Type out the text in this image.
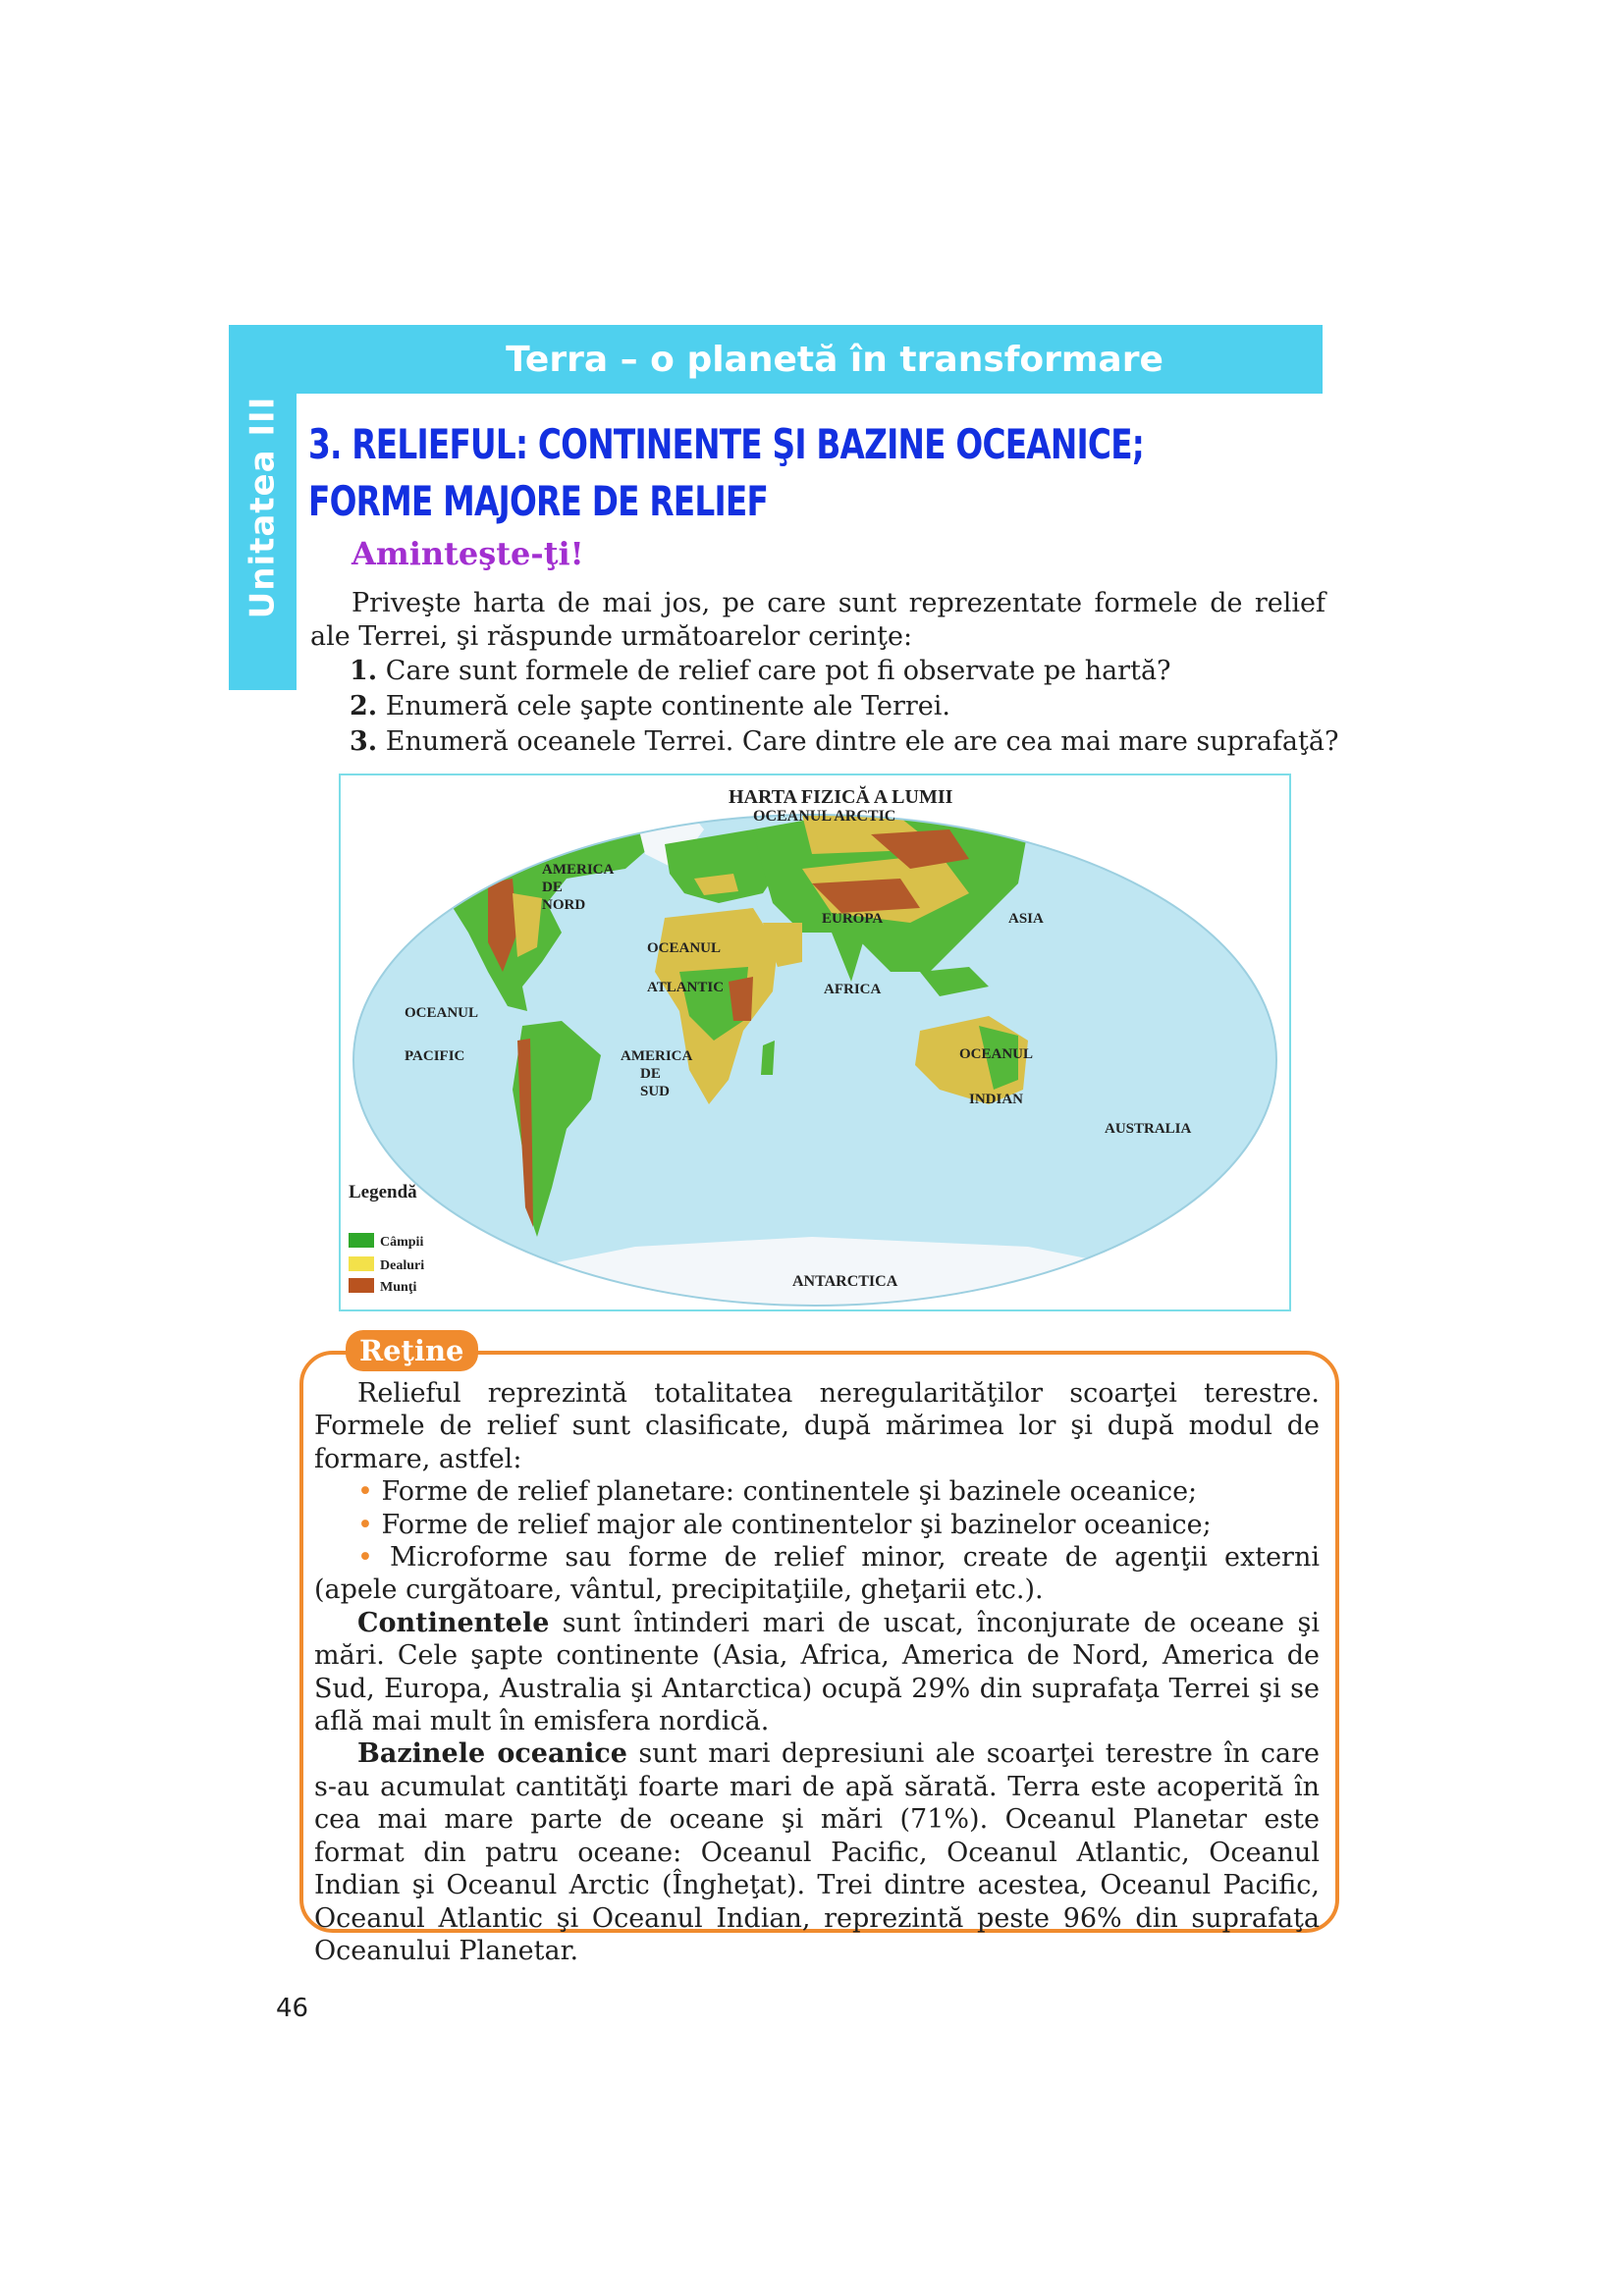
Terra – o planetă în transformare
Unitatea III 3. RELIEFUL: CONTINENTE ŞI BAZINE OCEANICE;
FORME MAJORE DE RELIEF
Aminteşte-ţi!

Priveşte harta de mai jos, pe care sunt reprezentate formele de relief ale Terrei, şi răspunde următoarelor cerinţe:

1. Care sunt formele de relief care pot fi observate pe hartă?
2. Enumeră cele şapte continente ale Terrei.
3. Enumeră oceanele Terrei. Care dintre ele are cea mai mare suprafaţă?
HARTA FIZICĂ A LUMII
OCEANUL ARCTIC
AMERICA
DE
NORD
EUROPA	ASIA
OCEANUL
ATLANTIC	AFRICA
OCEANUL
PACIFIC	AMERICA
DE
SUD
OCEANUL
INDIAN
AUSTRALIA
ANTARCTICA
Legendă
Câmpii
Dealuri
Munţi
Reţine

Relieful reprezintă totalitatea neregularităţilor scoarţei terestre. Formele de relief sunt clasificate, după mărimea lor şi după modul de formare, astfel:

• Forme de relief planetare: continentele şi bazinele oceanice;

• Forme de relief major ale continentelor şi bazinelor oceanice;

• Microforme sau forme de relief minor, create de agenţii externi (apele curgătoare, vântul, precipitaţiile, gheţarii etc.).

Continentele sunt întinderi mari de uscat, înconjurate de oceane şi mări. Cele şapte continente (Asia, Africa, America de Nord, America de Sud, Europa, Australia şi Antarctica) ocupă 29% din suprafaţa Terrei şi se află mai mult în emisfera nordică.

Bazinele oceanice sunt mari depresiuni ale scoarţei terestre în care s-au acumulat cantităţi foarte mari de apă sărată. Terra este acoperită în cea mai mare parte de oceane şi mări (71%). Oceanul Planetar este format din patru oceane: Oceanul Pacific, Oceanul Atlantic, Oceanul Indian şi Oceanul Arctic (Îngheţat). Trei dintre acestea, Oceanul Pacific, Oceanul Atlantic şi Oceanul Indian, reprezintă peste 96% din suprafaţa Oceanului Planetar.

46
